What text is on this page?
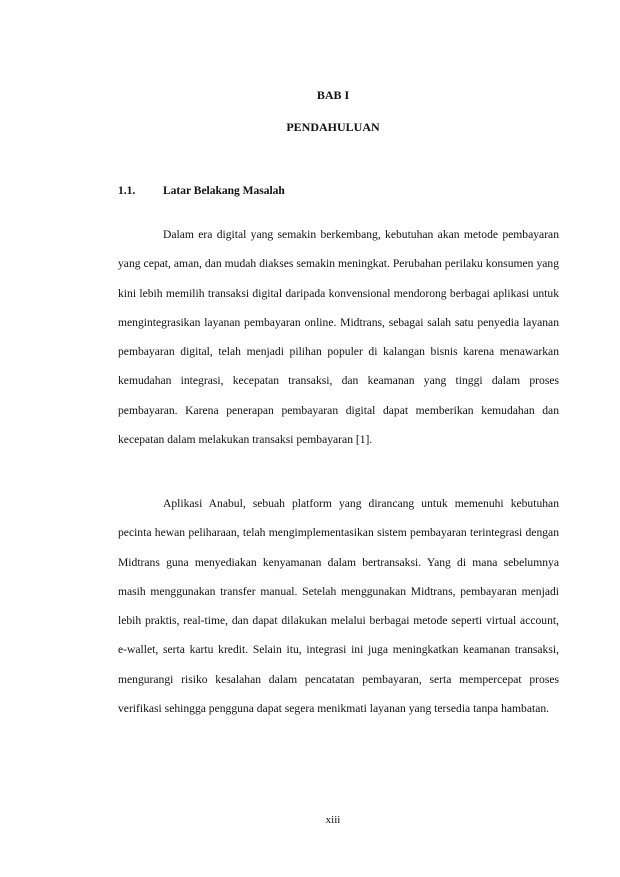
BAB I
PENDAHULUAN
1.1. Latar Belakang Masalah

Dalam era digital yang semakin berkembang, kebutuhan akan metode pembayaran yang cepat, aman, dan mudah diakses semakin meningkat. Perubahan perilaku konsumen yang kini lebih memilih transaksi digital daripada konvensional mendorong berbagai aplikasi untuk mengintegrasikan layanan pembayaran online. Midtrans, sebagai salah satu penyedia layanan pembayaran digital, telah menjadi pilihan populer di kalangan bisnis karena menawarkan kemudahan integrasi, kecepatan transaksi, dan keamanan yang tinggi dalam proses pembayaran. Karena penerapan pembayaran digital dapat memberikan kemudahan dan kecepatan dalam melakukan transaksi pembayaran [1].

Aplikasi Anabul, sebuah platform yang dirancang untuk memenuhi kebutuhan pecinta hewan peliharaan, telah mengimplementasikan sistem pembayaran terintegrasi dengan Midtrans guna menyediakan kenyamanan dalam bertransaksi. Yang di mana sebelumnya masih menggunakan transfer manual. Setelah menggunakan Midtrans, pembayaran menjadi lebih praktis, real-time, dan dapat dilakukan melalui berbagai metode seperti virtual account, e-wallet, serta kartu kredit. Selain itu, integrasi ini juga meningkatkan keamanan transaksi, mengurangi risiko kesalahan dalam pencatatan pembayaran, serta mempercepat proses verifikasi sehingga pengguna dapat segera menikmati layanan yang tersedia tanpa hambatan.

xiii
